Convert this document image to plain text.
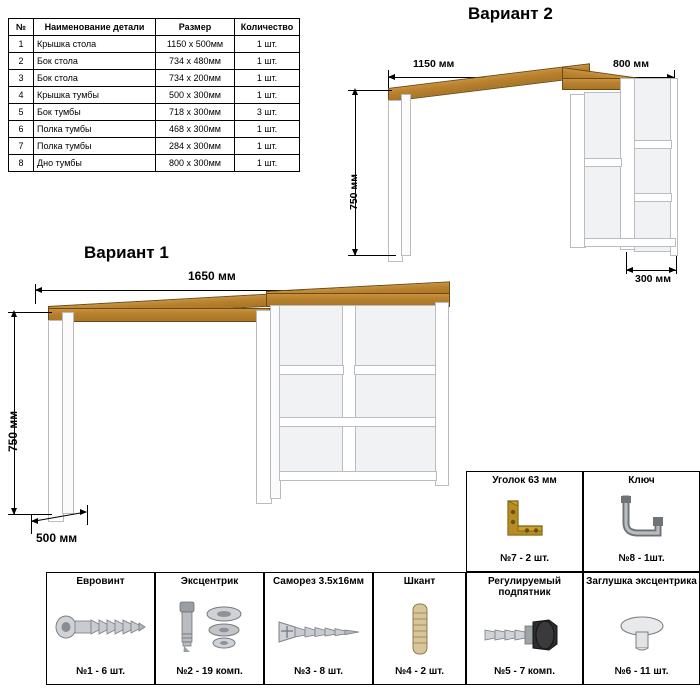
№	Наименование детали	Размер	Количество
1	Крышка стола	1150 х 500мм	1 шт.
2	Бок стола	734 х 480мм	1 шт.
3	Бок стола	734 х 200мм	1 шт.
4	Крышка тумбы	500 х 300мм	1 шт.
5	Бок тумбы	718 х 300мм	3 шт.
6	Полка тумбы	468 х 300мм	1 шт.
7	Полка тумбы	284 х 300мм	1 шт.
8	Дно тумбы	800 х 300мм	1 шт.
Вариант 2
1150 мм	800 мм
750 мм
300 мм
Вариант 1
1650 мм
750 мм
500 мм
Уголок 63 мм
№7 - 2 шт.
Ключ
№8 - 1шт.
Евровинт
№1 - 6 шт.
Эксцентрик
№2 - 19 комп.
Саморез 3.5х16мм
№3 - 8 шт.
Шкант
№4 - 2 шт.
Регулируемый подпятник
№5 - 7 комп.
Заглушка эксцентрика
№6 - 11 шт.
